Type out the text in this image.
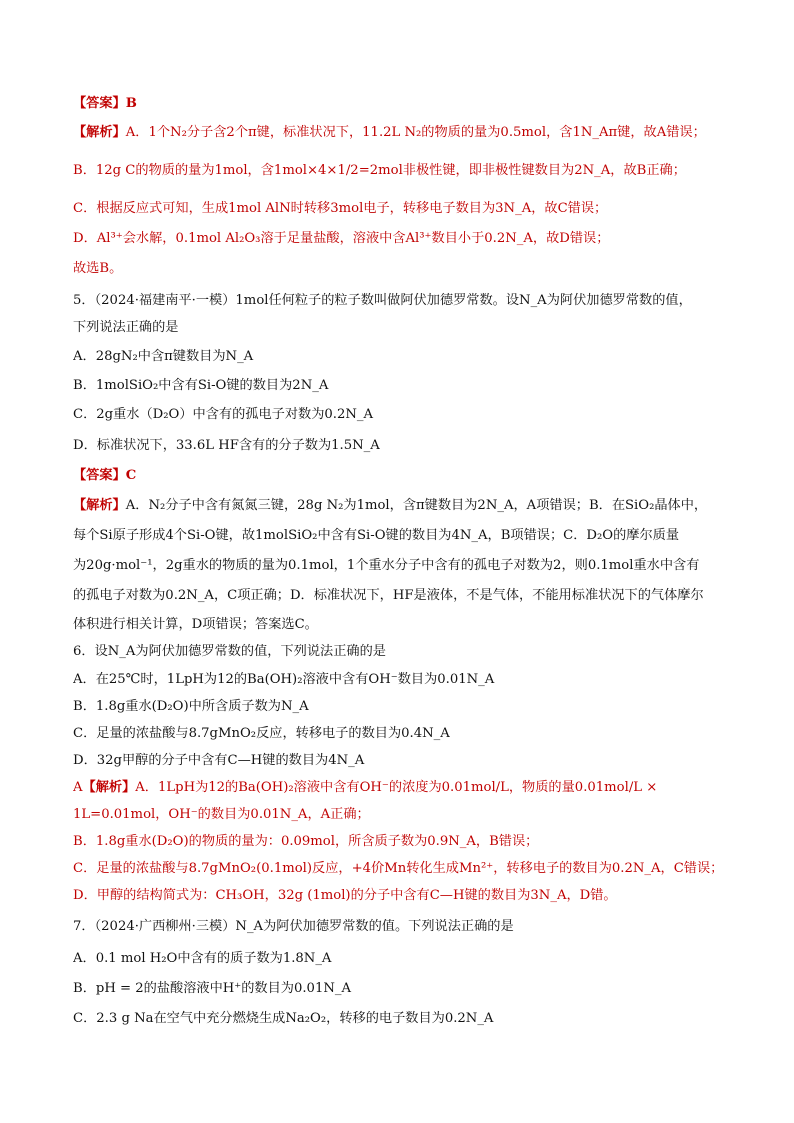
【答案】B
【解析】A．1个N₂分子含2个π键，标准状况下，11.2L N₂的物质的量为0.5mol，含1N_Aπ键，故A错误；
B．12g C的物质的量为1mol，含1mol×4×1/2=2mol非极性键，即非极性键数目为2N_A，故B正确；
C．根据反应式可知，生成1mol AlN时转移3mol电子，转移电子数目为3N_A，故C错误；
D．Al³⁺会水解，0.1mol Al₂O₃溶于足量盐酸，溶液中含Al³⁺数目小于0.2N_A，故D错误；
故选B。
5．（2024·福建南平·一模）1mol任何粒子的粒子数叫做阿伏加德罗常数。设N_A为阿伏加德罗常数的值，
下列说法正确的是
A．28gN₂中含π键数目为N_A
B．1molSiO₂中含有Si-O键的数目为2N_A
C．2g重水（D₂O）中含有的孤电子对数为0.2N_A
D．标准状况下，33.6L HF含有的分子数为1.5N_A
【答案】C
【解析】A．N₂分子中含有氮氮三键，28g N₂为1mol，含π键数目为2N_A，A项错误；B．在SiO₂晶体中，
每个Si原子形成4个Si-O键，故1molSiO₂中含有Si-O键的数目为4N_A，B项错误；C．D₂O的摩尔质量
为20g·mol⁻¹，2g重水的物质的量为0.1mol，1个重水分子中含有的孤电子对数为2，则0.1mol重水中含有
的孤电子对数为0.2N_A，C项正确；D．标准状况下，HF是液体，不是气体，不能用标准状况下的气体摩尔
体积进行相关计算，D项错误；答案选C。
6．设N_A为阿伏加德罗常数的值，下列说法正确的是
A．在25℃时，1LpH为12的Ba(OH)₂溶液中含有OH⁻数目为0.01N_A
B．1.8g重水(D₂O)中所含质子数为N_A
C．足量的浓盐酸与8.7gMnO₂反应，转移电子的数目为0.4N_A
D．32g甲醇的分子中含有C—H键的数目为4N_A
A【解析】A．1LpH为12的Ba(OH)₂溶液中含有OH⁻的浓度为0.01mol/L，物质的量0.01mol/L ×
1L=0.01mol，OH⁻的数目为0.01N_A，A正确；
B．1.8g重水(D₂O)的物质的量为：0.09mol，所含质子数为0.9N_A，B错误；
C．足量的浓盐酸与8.7gMnO₂(0.1mol)反应，+4价Mn转化生成Mn²⁺，转移电子的数目为0.2N_A，C错误；
D．甲醇的结构简式为：CH₃OH，32g (1mol)的分子中含有C—H键的数目为3N_A，D错。
7．（2024·广西柳州·三模）N_A为阿伏加德罗常数的值。下列说法正确的是
A．0.1 mol H₂O中含有的质子数为1.8N_A
B．pH = 2的盐酸溶液中H⁺的数目为0.01N_A
C．2.3 g Na在空气中充分燃烧生成Na₂O₂，转移的电子数目为0.2N_A
